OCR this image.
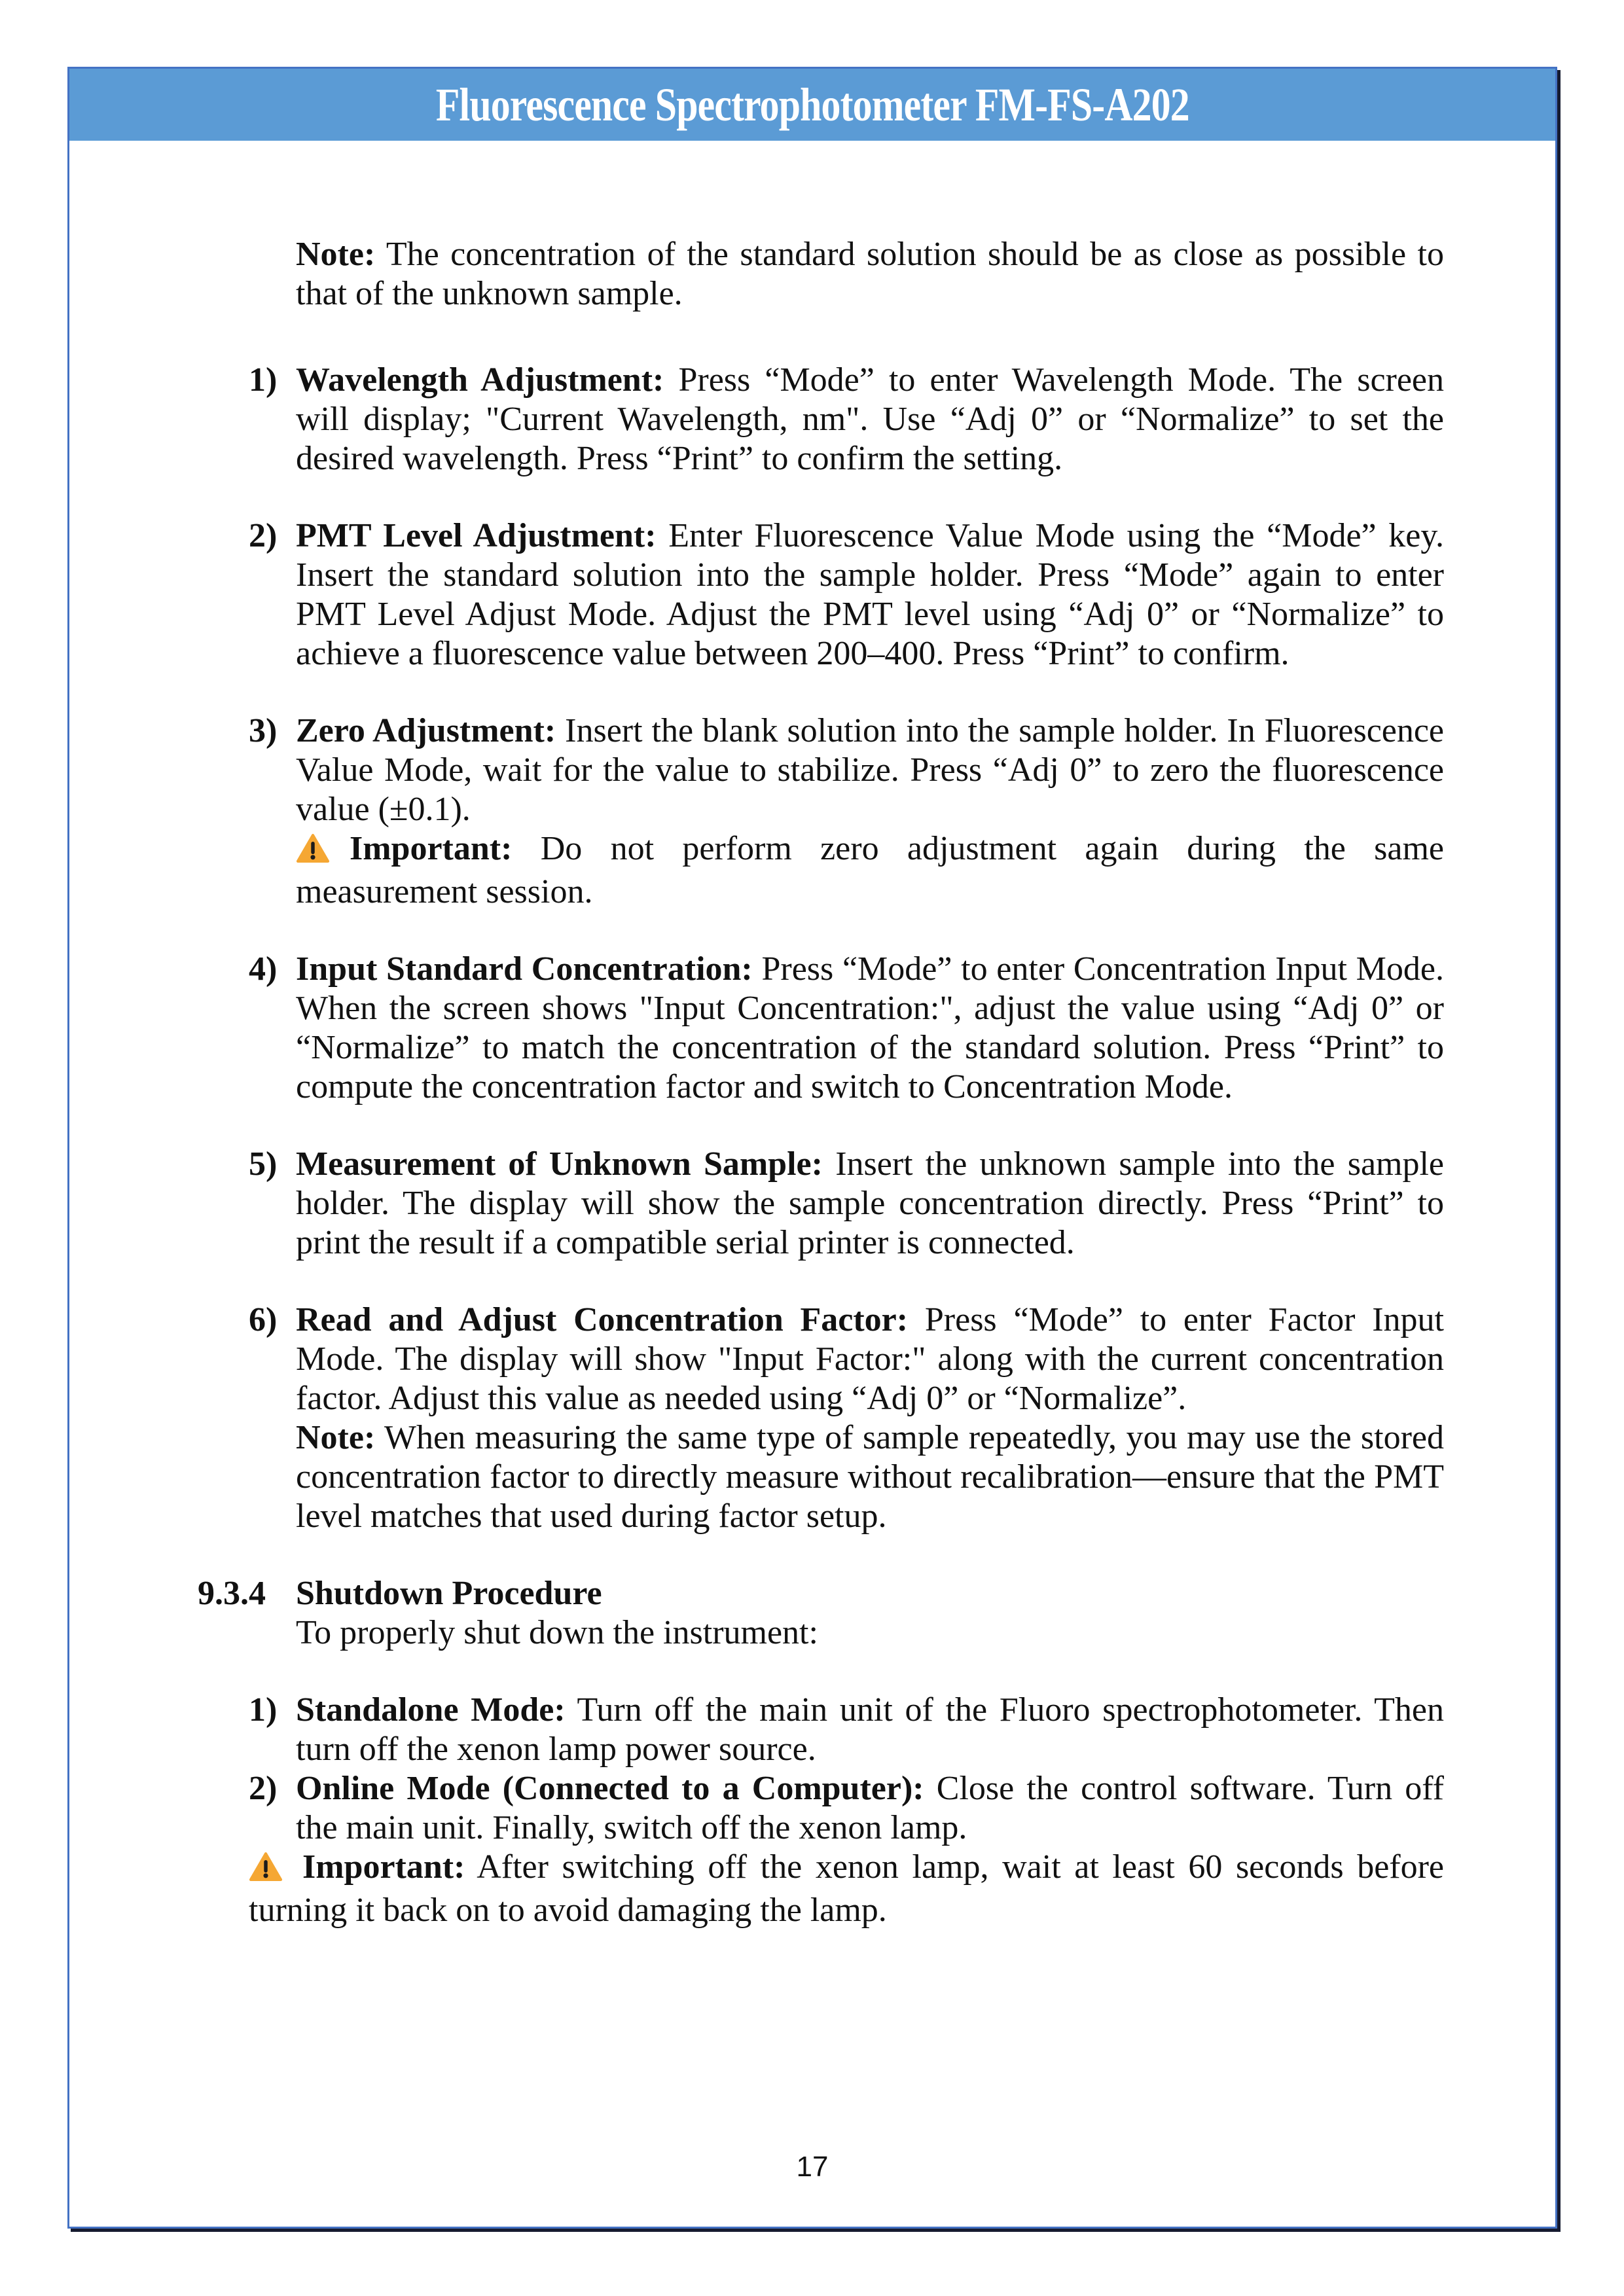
Fluorescence Spectrophotometer FM-FS-A202

Note: The concentration of the standard solution should be as close as possible to that of the unknown sample.

1) Wavelength Adjustment: Press “Mode” to enter Wavelength Mode. The screen will display; "Current Wavelength, nm". Use “Adj 0” or “Normalize” to set the desired wavelength. Press “Print” to confirm the setting.

2) PMT Level Adjustment: Enter Fluorescence Value Mode using the “Mode” key. Insert the standard solution into the sample holder. Press “Mode” again to enter PMT Level Adjust Mode. Adjust the PMT level using “Adj 0” or “Normalize” to achieve a fluorescence value between 200–400. Press “Print” to confirm.

3) Zero Adjustment: Insert the blank solution into the sample holder. In Fluorescence Value Mode, wait for the value to stabilize. Press “Adj 0” to zero the fluorescence value (±0.1).

Important: Do not perform zero adjustment again during the same measurement session.

4) Input Standard Concentration: Press “Mode” to enter Concentration Input Mode. When the screen shows "Input Concentration:", adjust the value using “Adj 0” or “Normalize” to match the concentration of the standard solution. Press “Print” to compute the concentration factor and switch to Concentration Mode.

5) Measurement of Unknown Sample: Insert the unknown sample into the sample holder. The display will show the sample concentration directly. Press “Print” to print the result if a compatible serial printer is connected.

6) Read and Adjust Concentration Factor: Press “Mode” to enter Factor Input Mode. The display will show "Input Factor:" along with the current concentration factor. Adjust this value as needed using “Adj 0” or “Normalize”.

Note: When measuring the same type of sample repeatedly, you may use the stored concentration factor to directly measure without recalibration—ensure that the PMT level matches that used during factor setup.

9.3.4 Shutdown Procedure
To properly shut down the instrument:
1) Standalone Mode: Turn off the main unit of the Fluoro spectrophotometer. Then turn off the xenon lamp power source.

2) Online Mode (Connected to a Computer): Close the control software. Turn off the main unit. Finally, switch off the xenon lamp.

Important: After switching off the xenon lamp, wait at least 60 seconds before turning it back on to avoid damaging the lamp.

17
